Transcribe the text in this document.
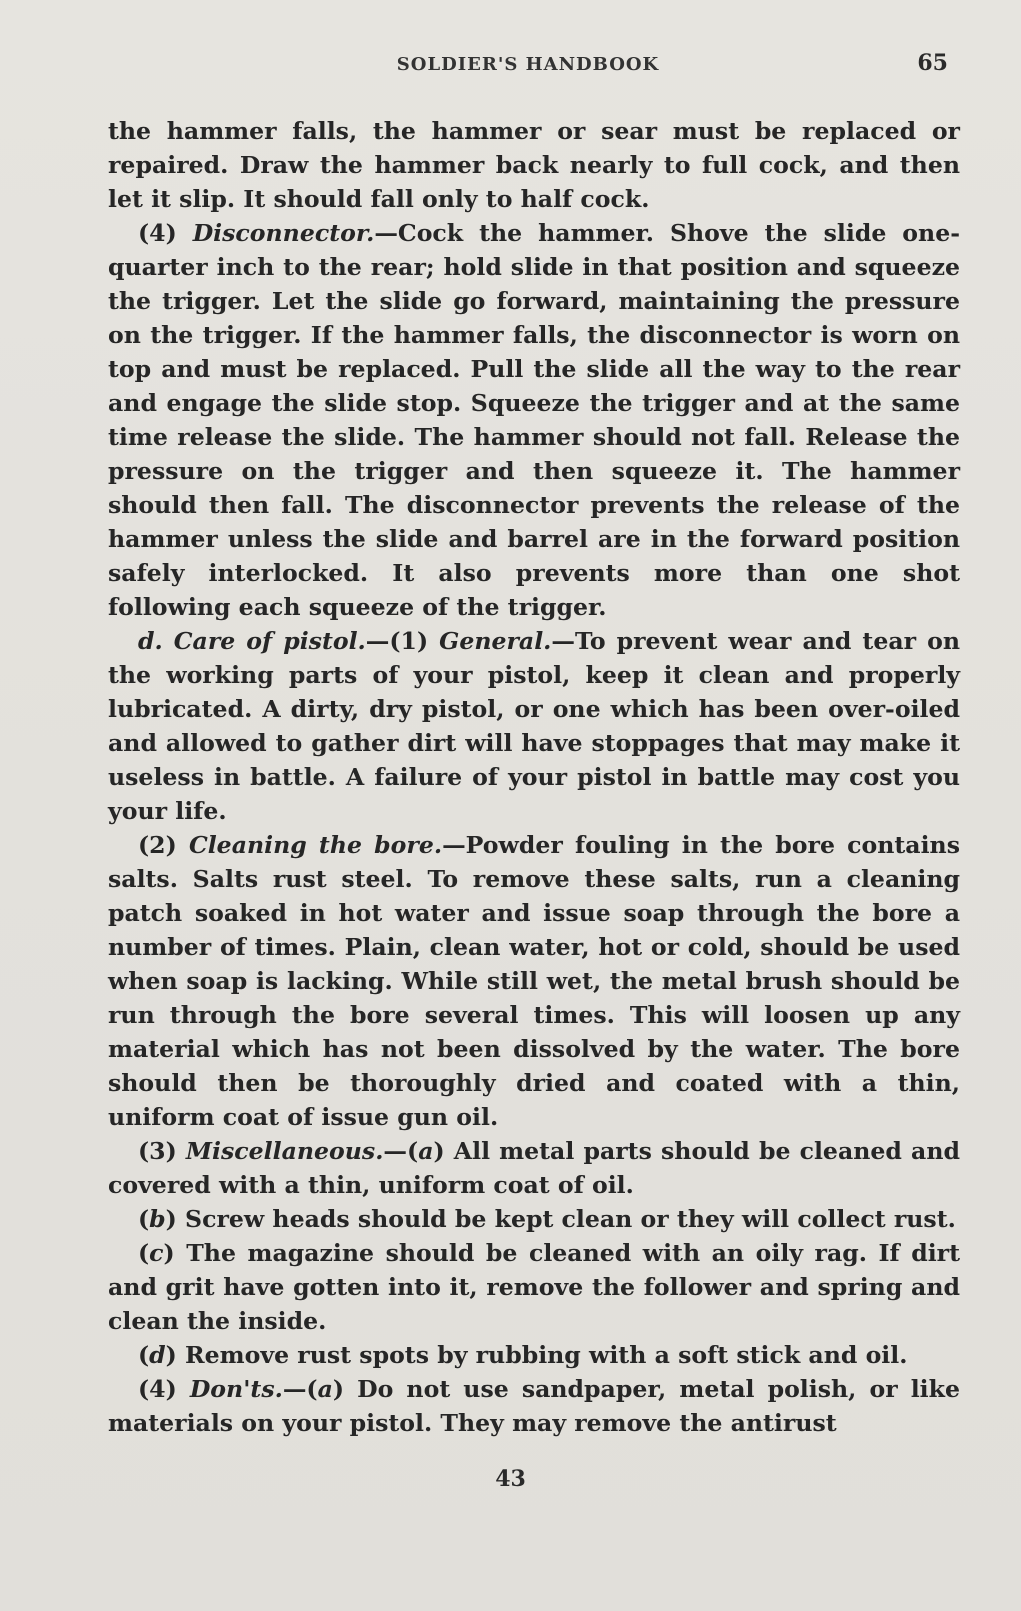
SOLDIER'S HANDBOOK	65

the hammer falls, the hammer or sear must be replaced or repaired. Draw the hammer back nearly to full cock, and then let it slip. It should fall only to half cock.

(4) Disconnector.—Cock the hammer. Shove the slide one-quarter inch to the rear; hold slide in that position and squeeze the trigger. Let the slide go forward, maintaining the pressure on the trigger. If the hammer falls, the disconnector is worn on top and must be replaced. Pull the slide all the way to the rear and engage the slide stop. Squeeze the trigger and at the same time release the slide. The hammer should not fall. Release the pressure on the trigger and then squeeze it. The hammer should then fall. The disconnector prevents the release of the hammer unless the slide and barrel are in the forward position safely interlocked. It also prevents more than one shot following each squeeze of the trigger.

d. Care of pistol.—(1) General.—To prevent wear and tear on the working parts of your pistol, keep it clean and properly lubricated. A dirty, dry pistol, or one which has been over-oiled and allowed to gather dirt will have stoppages that may make it useless in battle. A failure of your pistol in battle may cost you your life.

(2) Cleaning the bore.—Powder fouling in the bore contains salts. Salts rust steel. To remove these salts, run a cleaning patch soaked in hot water and issue soap through the bore a number of times. Plain, clean water, hot or cold, should be used when soap is lacking. While still wet, the metal brush should be run through the bore several times. This will loosen up any material which has not been dissolved by the water. The bore should then be thoroughly dried and coated with a thin, uniform coat of issue gun oil.

(3) Miscellaneous.—(a) All metal parts should be cleaned and covered with a thin, uniform coat of oil.

(b) Screw heads should be kept clean or they will collect rust.

(c) The magazine should be cleaned with an oily rag. If dirt and grit have gotten into it, remove the follower and spring and clean the inside.

(d) Remove rust spots by rubbing with a soft stick and oil.

(4) Don'ts.—(a) Do not use sandpaper, metal polish, or like materials on your pistol. They may remove the antirust

43
